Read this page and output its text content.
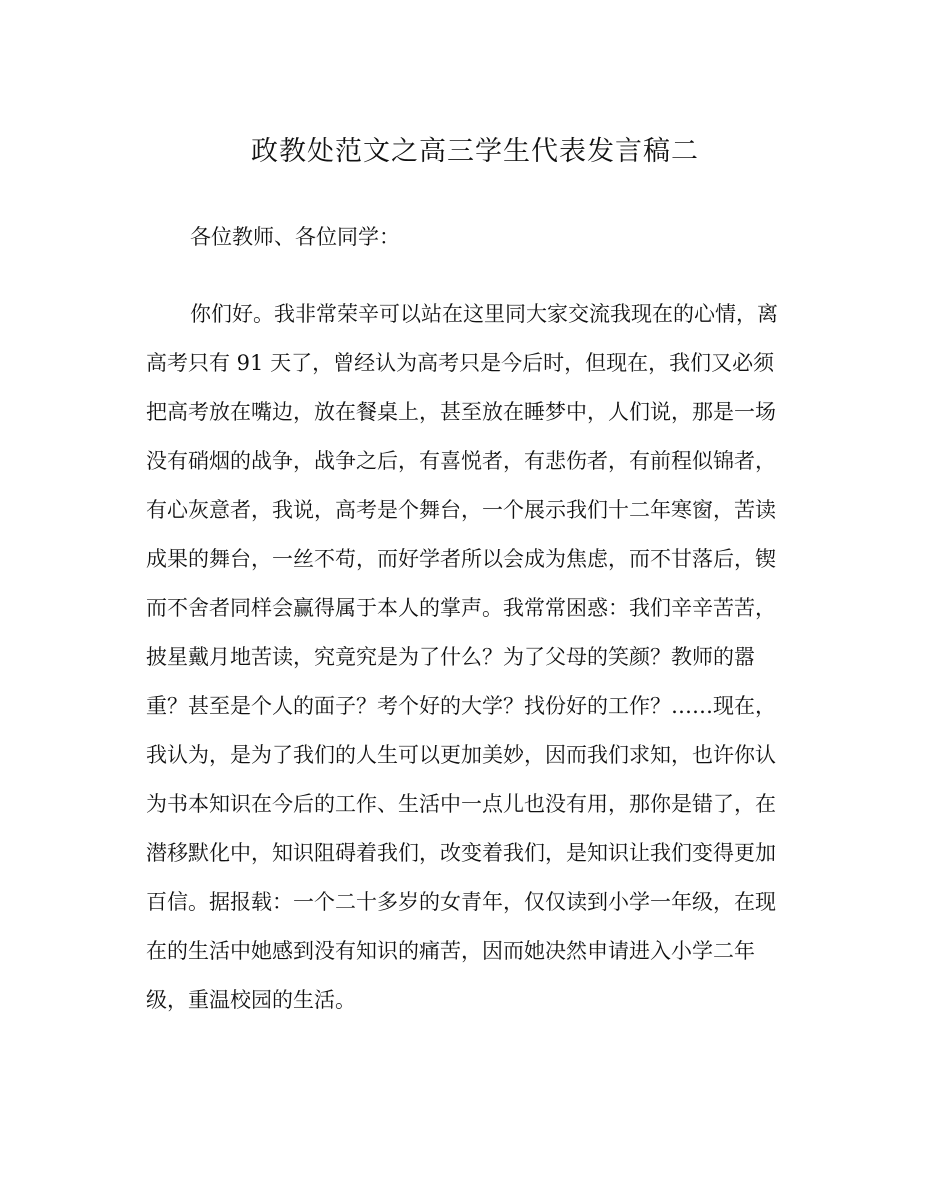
政教处范文之高三学生代表发言稿二

各位教师、各位同学：

你们好。我非常荣辛可以站在这里同大家交流我现在的心情，离
高考只有 91 天了，曾经认为高考只是今后时，但现在，我们又必须
把高考放在嘴边，放在餐桌上，甚至放在睡梦中，人们说，那是一场
没有硝烟的战争，战争之后，有喜悦者，有悲伤者，有前程似锦者，
有心灰意者，我说，高考是个舞台，一个展示我们十二年寒窗，苦读
成果的舞台，一丝不苟，而好学者所以会成为焦虑，而不甘落后，锲
而不舍者同样会赢得属于本人的掌声。我常常困惑：我们辛辛苦苦，
披星戴月地苦读，究竟究是为了什么？为了父母的笑颜？教师的嚣
重？甚至是个人的面子？考个好的大学？找份好的工作？……现在，
我认为，是为了我们的人生可以更加美妙，因而我们求知，也许你认
为书本知识在今后的工作、生活中一点儿也没有用，那你是错了，在
潜移默化中，知识阻碍着我们，改变着我们，是知识让我们变得更加
百信。据报载：一个二十多岁的女青年，仅仅读到小学一年级，在现
在的生活中她感到没有知识的痛苦，因而她决然申请进入小学二年
级，重温校园的生活。
